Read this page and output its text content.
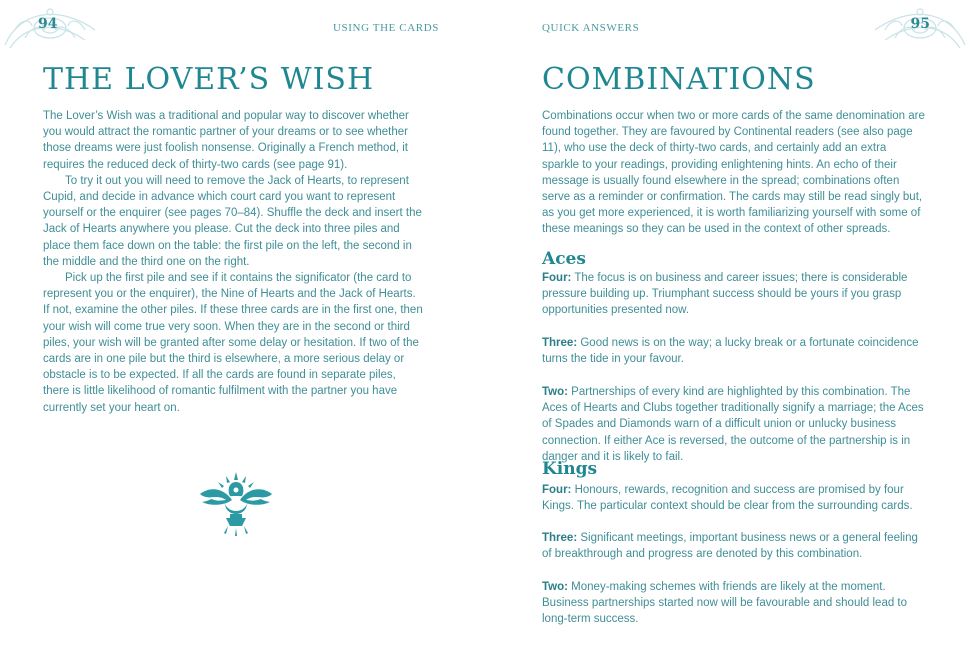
94	USING THE CARDS
THE LOVER’S WISH

The Lover’s Wish was a traditional and popular way to discover whether you would attract the romantic partner of your dreams or to see whether those dreams were just foolish nonsense. Originally a French method, it requires the reduced deck of thirty-two cards (see page 91).

To try it out you will need to remove the Jack of Hearts, to represent Cupid, and decide in advance which court card you want to represent yourself or the enquirer (see pages 70–84). Shuffle the deck and insert the Jack of Hearts anywhere you please. Cut the deck into three piles and place them face down on the table: the first pile on the left, the second in the middle and the third one on the right.

Pick up the first pile and see if it contains the significator (the card to represent you or the enquirer), the Nine of Hearts and the Jack of Hearts. If not, examine the other piles. If these three cards are in the first one, then your wish will come true very soon. When they are in the second or third piles, your wish will be granted after some delay or hesitation. If two of the cards are in one pile but the third is elsewhere, a more serious delay or obstacle is to be expected. If all the cards are found in separate piles, there is little likelihood of romantic fulfilment with the partner you have currently set your heart on.

95
QUICK ANSWERS
COMBINATIONS

Combinations occur when two or more cards of the same denomination are found together. They are favoured by Continental readers (see also page 11), who use the deck of thirty-two cards, and certainly add an extra sparkle to your readings, providing enlightening hints. An echo of their message is usually found elsewhere in the spread; combinations often serve as a reminder or confirmation. The cards may still be read singly but, as you get more experienced, it is worth familiarizing yourself with some of these meanings so they can be used in the context of other spreads.

Aces

Four: The focus is on business and career issues; there is considerable pressure building up. Triumphant success should be yours if you grasp opportunities presented now.

Three: Good news is on the way; a lucky break or a fortunate coincidence turns the tide in your favour.

Two: Partnerships of every kind are highlighted by this combination. The Aces of Hearts and Clubs together traditionally signify a marriage; the Aces of Spades and Diamonds warn of a difficult union or unlucky business connection. If either Ace is reversed, the outcome of the partnership is in danger and it is likely to fail.

Kings

Four: Honours, rewards, recognition and success are promised by four Kings. The particular context should be clear from the surrounding cards.

Three: Significant meetings, important business news or a general feeling of breakthrough and progress are denoted by this combination.

Two: Money-making schemes with friends are likely at the moment. Business partnerships started now will be favourable and should lead to long-term success.
